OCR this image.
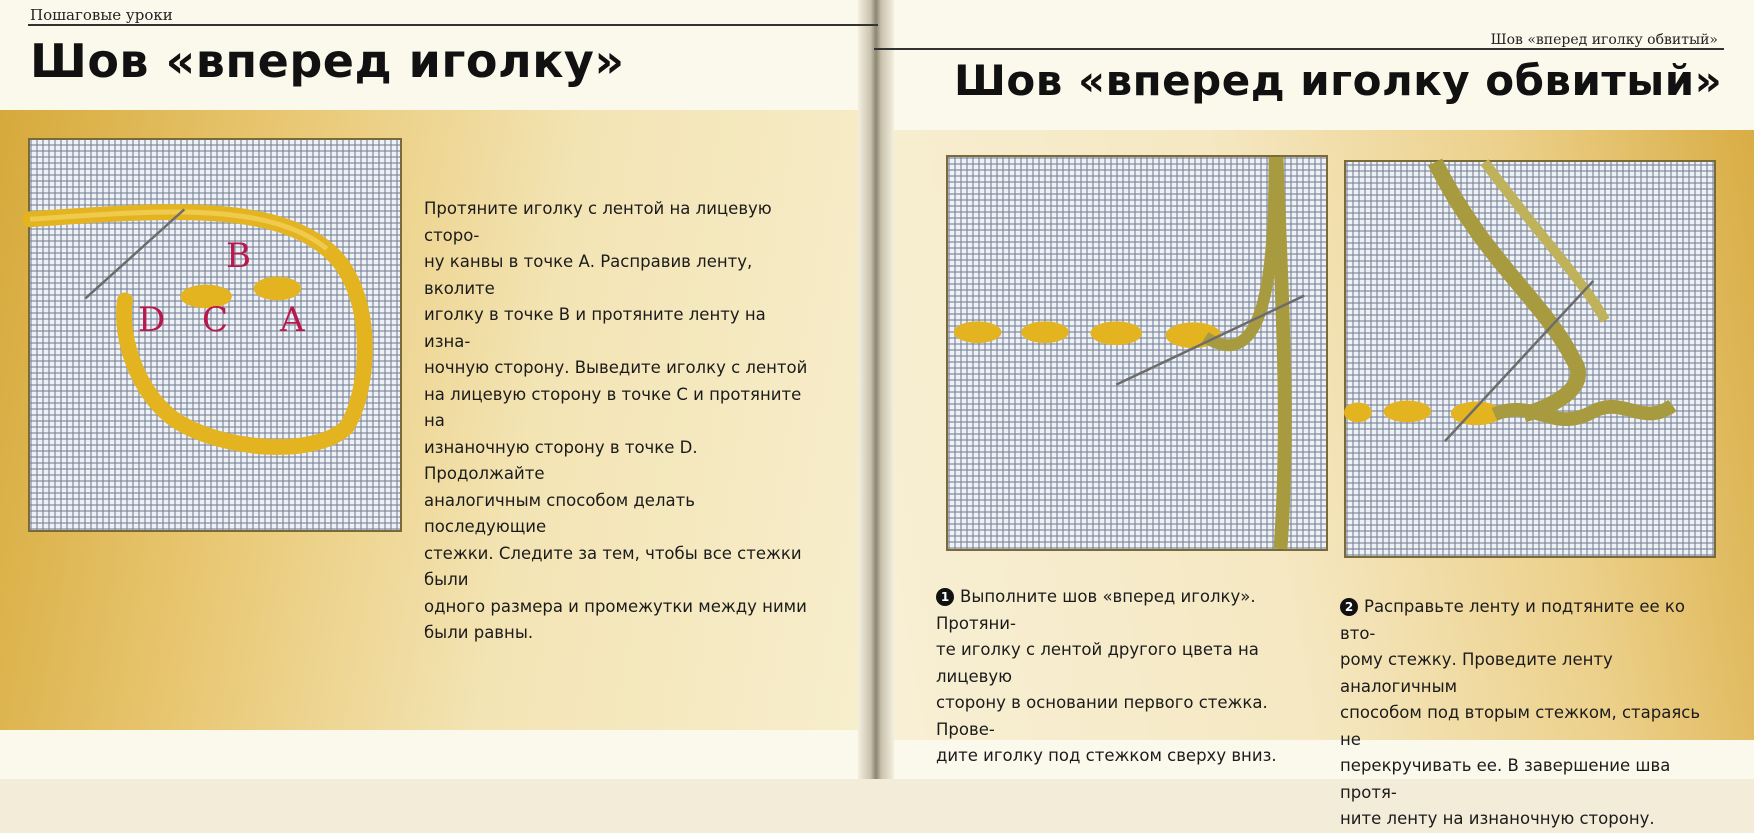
Пошаговые уроки
Шов «вперед иголку»	Шов «вперед иголку обвитый»
Шов «вперед иголку обвитый»
B
D C A
Протяните иголку с лентой на лицевую сторо-
ну канвы в точке А. Расправив ленту, вколите
иголку в точке В и протяните ленту на изна-
ночную сторону. Выведите иголку с лентой
на лицевую сторону в точке С и протяните на
изнаночную сторону в точке D. Продолжайте
аналогичным способом делать последующие
стежки. Следите за тем, чтобы все стежки были
одного размера и промежутки между ними
были равны.
1 Выполните шов «вперед иголку». Протяни-
те иголку с лентой другого цвета на лицевую
сторону в основании первого стежка. Прове-
дите иголку под стежком сверху вниз.
2 Расправьте ленту и подтяните ее ко вто-
рому стежку. Проведите ленту аналогичным
способом под вторым стежком, стараясь не
перекручивать ее. В завершение шва протя-
ните ленту на изнаночную сторону.
